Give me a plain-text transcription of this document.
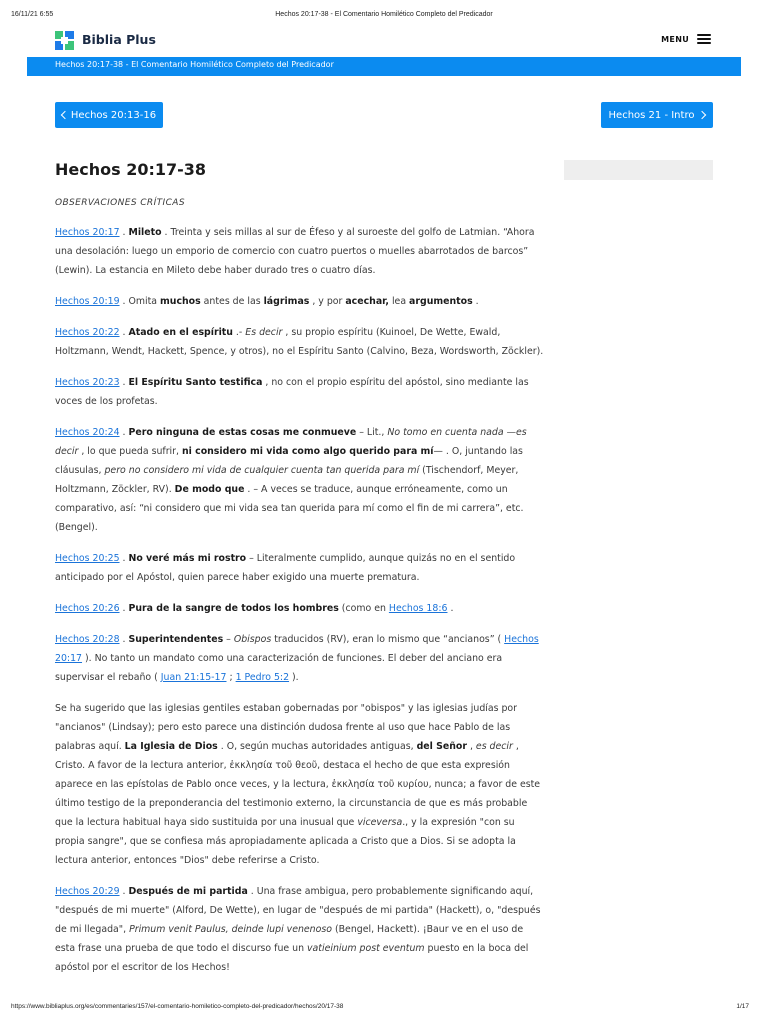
16/11/21 6:55	Hechos 20:17-38 - El Comentario Homilético Completo del Predicador
Biblia Plus	MENU
Hechos 20:17-38 - El Comentario Homilético Completo del Predicador
Hechos 20:13-16	Hechos 21 - Intro
Hechos 20:17-38

OBSERVACIONES CRÍTICAS

Hechos 20:17 . Mileto . Treinta y seis millas al sur de Éfeso y al suroeste del golfo de Latmian. “Ahora una desolación: luego un emporio de comercio con cuatro puertos o muelles abarrotados de barcos” (Lewin). La estancia en Mileto debe haber durado tres o cuatro días.

Hechos 20:19 . Omita muchos antes de las lágrimas , y por acechar, lea argumentos .

Hechos 20:22 . Atado en el espíritu .- Es decir , su propio espíritu (Kuinoel, De Wette, Ewald, Holtzmann, Wendt, Hackett, Spence, y otros), no el Espíritu Santo (Calvino, Beza, Wordsworth, Zöckler).

Hechos 20:23 . El Espíritu Santo testifica , no con el propio espíritu del apóstol, sino mediante las voces de los profetas.

Hechos 20:24 . Pero ninguna de estas cosas me conmueve – Lit., No tomo en cuenta nada —es decir , lo que pueda sufrir, ni considero mi vida como algo querido para mí— . O, juntando las cláusulas, pero no considero mi vida de cualquier cuenta tan querida para mí (Tischendorf, Meyer, Holtzmann, Zöckler, RV). De modo que . – A veces se traduce, aunque erróneamente, como un comparativo, así: “ni considero que mi vida sea tan querida para mí como el fin de mi carrera”, etc. (Bengel).

Hechos 20:25 . No veré más mi rostro – Literalmente cumplido, aunque quizás no en el sentido anticipado por el Apóstol, quien parece haber exigido una muerte prematura.

Hechos 20:26 . Pura de la sangre de todos los hombres (como en Hechos 18:6 .

Hechos 20:28 . Superintendentes – Obispos traducidos (RV), eran lo mismo que “ancianos” ( Hechos 20:17 ). No tanto un mandato como una caracterización de funciones. El deber del anciano era supervisar el rebaño ( Juan 21:15-17 ; 1 Pedro 5:2 ).

Se ha sugerido que las iglesias gentiles estaban gobernadas por "obispos" y las iglesias judías por "ancianos" (Lindsay); pero esto parece una distinción dudosa frente al uso que hace Pablo de las palabras aquí. La Iglesia de Dios . O, según muchas autoridades antiguas, del Señor , es decir , Cristo. A favor de la lectura anterior, ἐκκλησία τοῦ θεοῦ, destaca el hecho de que esta expresión aparece en las epístolas de Pablo once veces, y la lectura, ἐκκλησία τοῦ κυρίου, nunca; a favor de este último testigo de la preponderancia del testimonio externo, la circunstancia de que es más probable que la lectura habitual haya sido sustituida por una inusual que viceversa., y la expresión "con su propia sangre", que se confiesa más apropiadamente aplicada a Cristo que a Dios. Si se adopta la lectura anterior, entonces "Dios" debe referirse a Cristo.

Hechos 20:29 . Después de mi partida . Una frase ambigua, pero probablemente significando aquí, "después de mi muerte" (Alford, De Wette), en lugar de "después de mi partida" (Hackett), o, "después de mi llegada", Primum venit Paulus, deinde lupi venenoso (Bengel, Hackett). ¡Baur ve en el uso de esta frase una prueba de que todo el discurso fue un vatieinium post eventum puesto en la boca del apóstol por el escritor de los Hechos!

https://www.bibliaplus.org/es/commentaries/157/el-comentario-homiletico-completo-del-predicador/hechos/20/17-38	1/17
